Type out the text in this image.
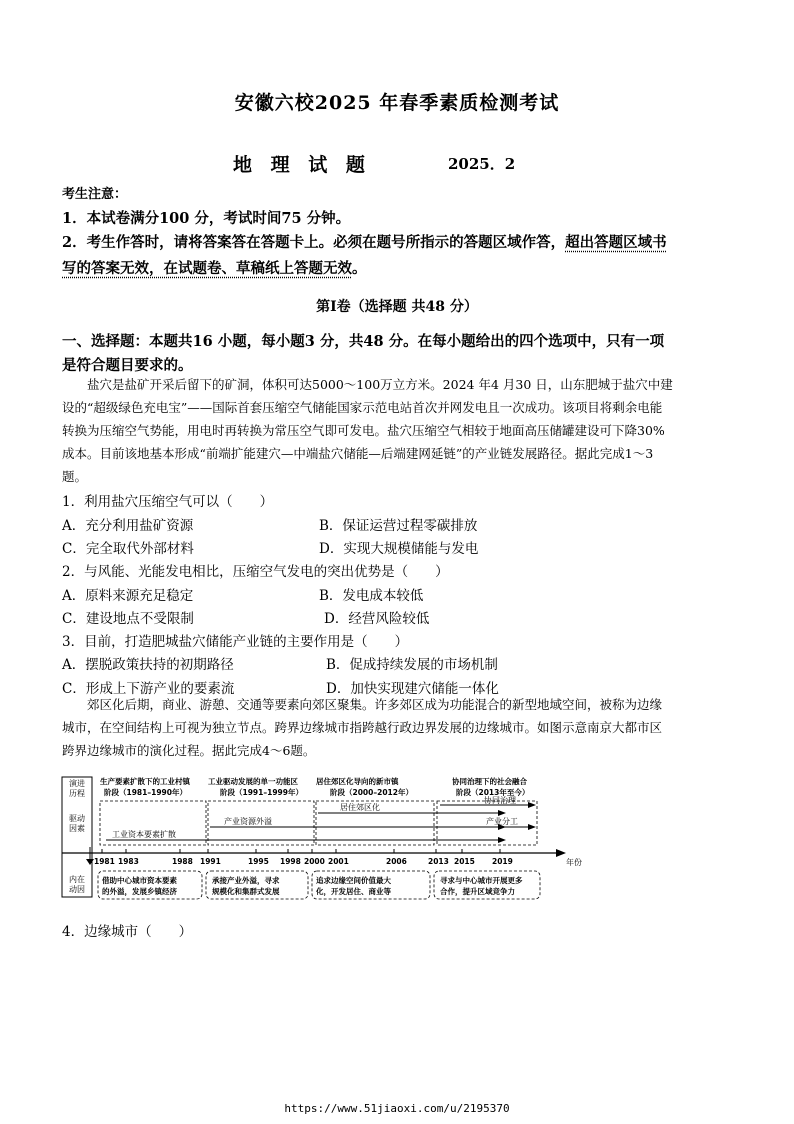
安徽六校2025 年春季素质检测考试
地 理 试 题	2025．2
考生注意：
1．本试卷满分100 分，考试时间75 分钟。
2．考生作答时，请将答案答在答题卡上。必须在题号所指示的答题区域作答，超出答题区域书
写的答案无效，在试题卷、草稿纸上答题无效。
第Ⅰ卷（选择题 共48 分）
一、选择题：本题共16 小题，每小题3 分，共48 分。在每小题给出的四个选项中，只有一项
是符合题目要求的。
盐穴是盐矿开采后留下的矿洞，体积可达5000～100万立方米。2024 年4 月30 日，山东肥城于盐穴中建设的“超级绿色充电宝”——国际首套压缩空气储能国家示范电站首次并网发电且一次成功。该项目将剩余电能转换为压缩空气势能，用电时再转换为常压空气即可发电。盐穴压缩空气相较于地面高压储罐建设可下降30%成本。目前该地基本形成“前端扩能建穴—中端盐穴储能—后端建网延链”的产业链发展路径。据此完成1～3题。
1．利用盐穴压缩空气可以（　　）
A．充分利用盐矿资源	B．保证运营过程零碳排放
C．完全取代外部材料	D．实现大规模储能与发电
2．与风能、光能发电相比，压缩空气发电的突出优势是（　　）
A．原料来源充足稳定	B．发电成本较低
C．建设地点不受限制	D．经营风险较低
3．目前，打造肥城盐穴储能产业链的主要作用是（　　）
A．摆脱政策扶持的初期路径	B．促成持续发展的市场机制
C．形成上下游产业的要素流	D．加快实现建穴储能一体化
郊区化后期，商业、游憩、交通等要素向郊区聚集。许多郊区成为功能混合的新型地域空间，被称为边缘城市，在空间结构上可视为独立节点。跨界边缘城市指跨越行政边界发展的边缘城市。如图示意南京大都市区跨界边缘城市的演化过程。据此完成4～6题。
演进
历程
驱动
因素
内在
动因
生产要素扩散下的工业村镇
阶段（1981–1990年）
工业驱动发展的单一功能区
阶段（1991–1999年）
居住郊区化导向的新市镇
阶段（2000–2012年）
协同治理下的社会融合
阶段（2013年至今）
工业资本要素扩散
产业资源外溢
居住郊区化
协同治理
产业分工
年份
1981 1983	1988 1991	1995 1998 2000 2001	2006	2013 2015 2019
借助中心城市资本要素
的外溢，发展乡镇经济
承接产业外溢，寻求
规模化和集群式发展
追求边缘空间价值最大
化，开发居住、商业等
寻求与中心城市开展更多
合作，提升区域竞争力
4．边缘城市（　　）
https://www.51jiaoxi.com/u/2195370
